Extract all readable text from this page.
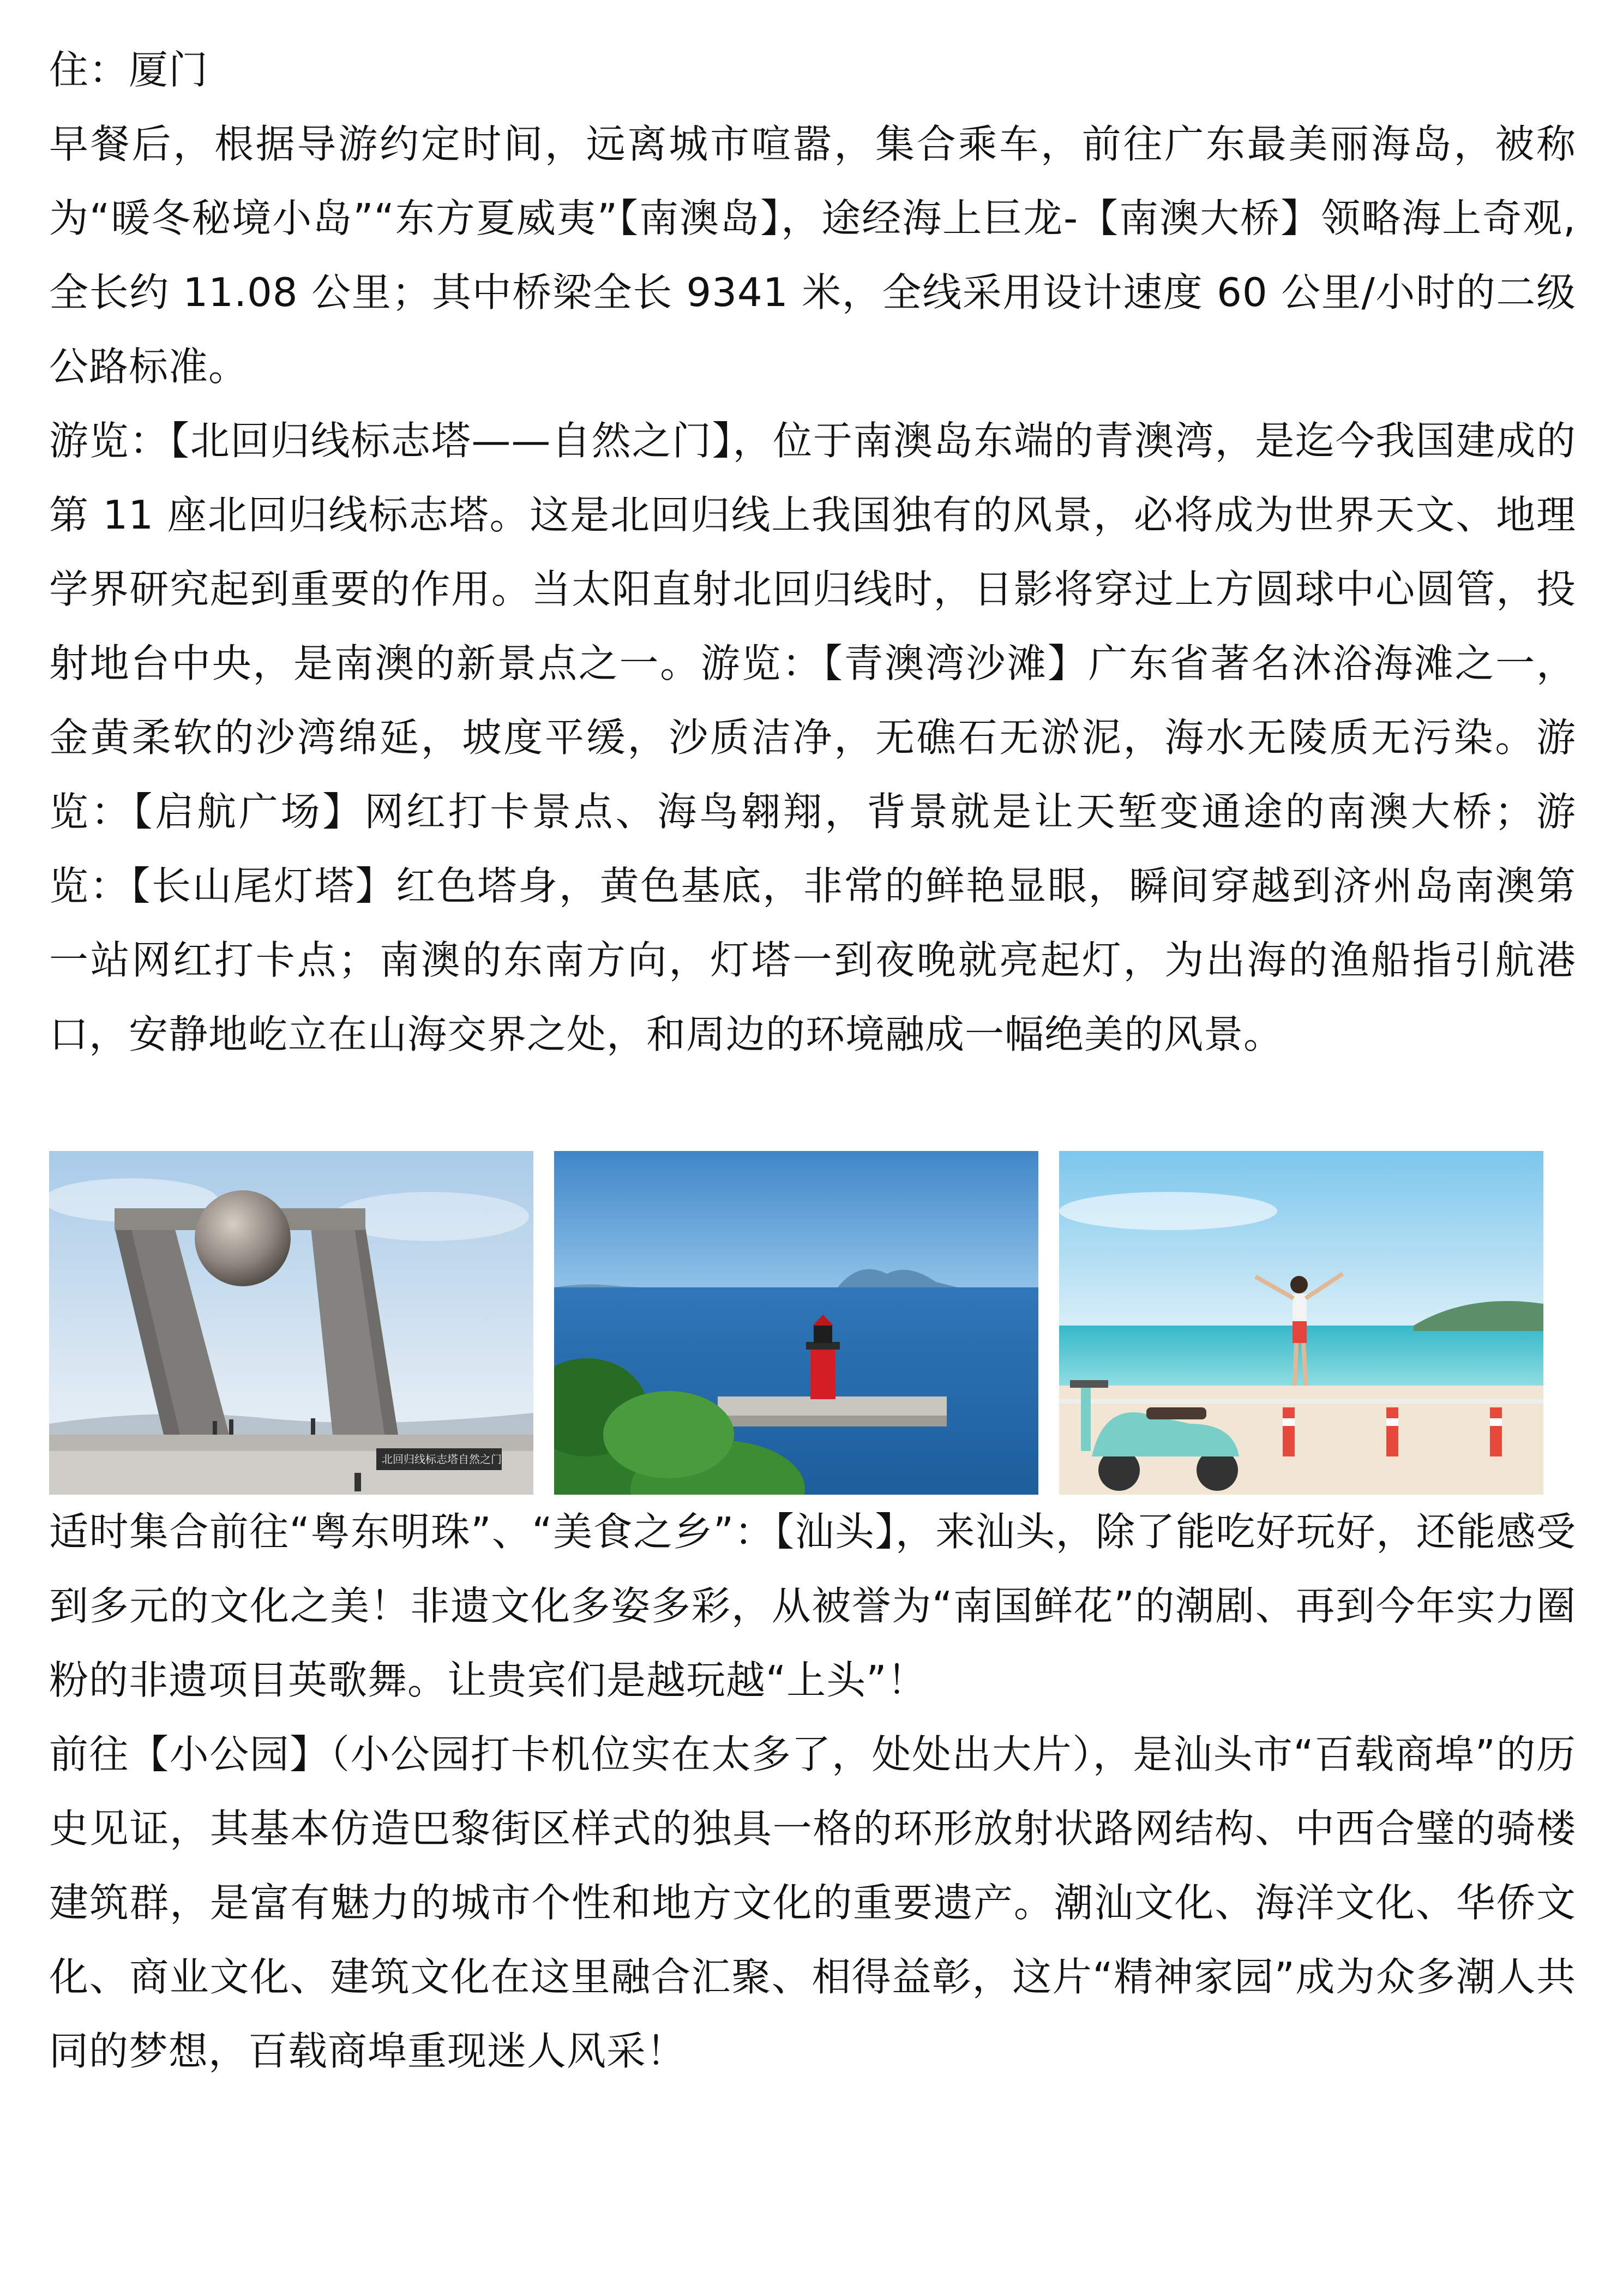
住：厦门

早餐后，根据导游约定时间，远离城市喧嚣，集合乘车，前往广东最美丽海岛，被称为“暖冬秘境小岛”“东方夏威夷”【南澳岛】，途经海上巨龙-【南澳大桥】领略海上奇观,全长约 11.08 公里；其中桥梁全长 9341 米，全线采用设计速度 60 公里/小时的二级公路标准。

游览：【北回归线标志塔——自然之门】，位于南澳岛东端的青澳湾，是迄今我国建成的第 11 座北回归线标志塔。这是北回归线上我国独有的风景，必将成为世界天文、地理学界研究起到重要的作用。当太阳直射北回归线时，日影将穿过上方圆球中心圆管，投射地台中央，是南澳的新景点之一。游览：【青澳湾沙滩】广东省著名沐浴海滩之一，金黄柔软的沙湾绵延，坡度平缓，沙质洁净，无礁石无淤泥，海水无陵质无污染。游览：【启航广场】网红打卡景点、海鸟翱翔，背景就是让天堑变通途的南澳大桥；游览：【长山尾灯塔】红色塔身，黄色基底，非常的鲜艳显眼，瞬间穿越到济州岛南澳第一站网红打卡点；南澳的东南方向，灯塔一到夜晚就亮起灯，为出海的渔船指引航港口，安静地屹立在山海交界之处，和周边的环境融成一幅绝美的风景。

北回归线标志塔 自然之门

适时集合前往“粤东明珠”、“美食之乡”：【汕头】，来汕头，除了能吃好玩好，还能感受到多元的文化之美！非遗文化多姿多彩，从被誉为“南国鲜花”的潮剧、再到今年实力圈粉的非遗项目英歌舞。让贵宾们是越玩越“上头”！

前往【小公园】（小公园打卡机位实在太多了，处处出大片），是汕头市“百载商埠”的历史见证，其基本仿造巴黎街区样式的独具一格的环形放射状路网结构、中西合璧的骑楼建筑群，是富有魅力的城市个性和地方文化的重要遗产。潮汕文化、海洋文化、华侨文化、商业文化、建筑文化在这里融合汇聚、相得益彰，这片“精神家园”成为众多潮人共同的梦想，百载商埠重现迷人风采！
